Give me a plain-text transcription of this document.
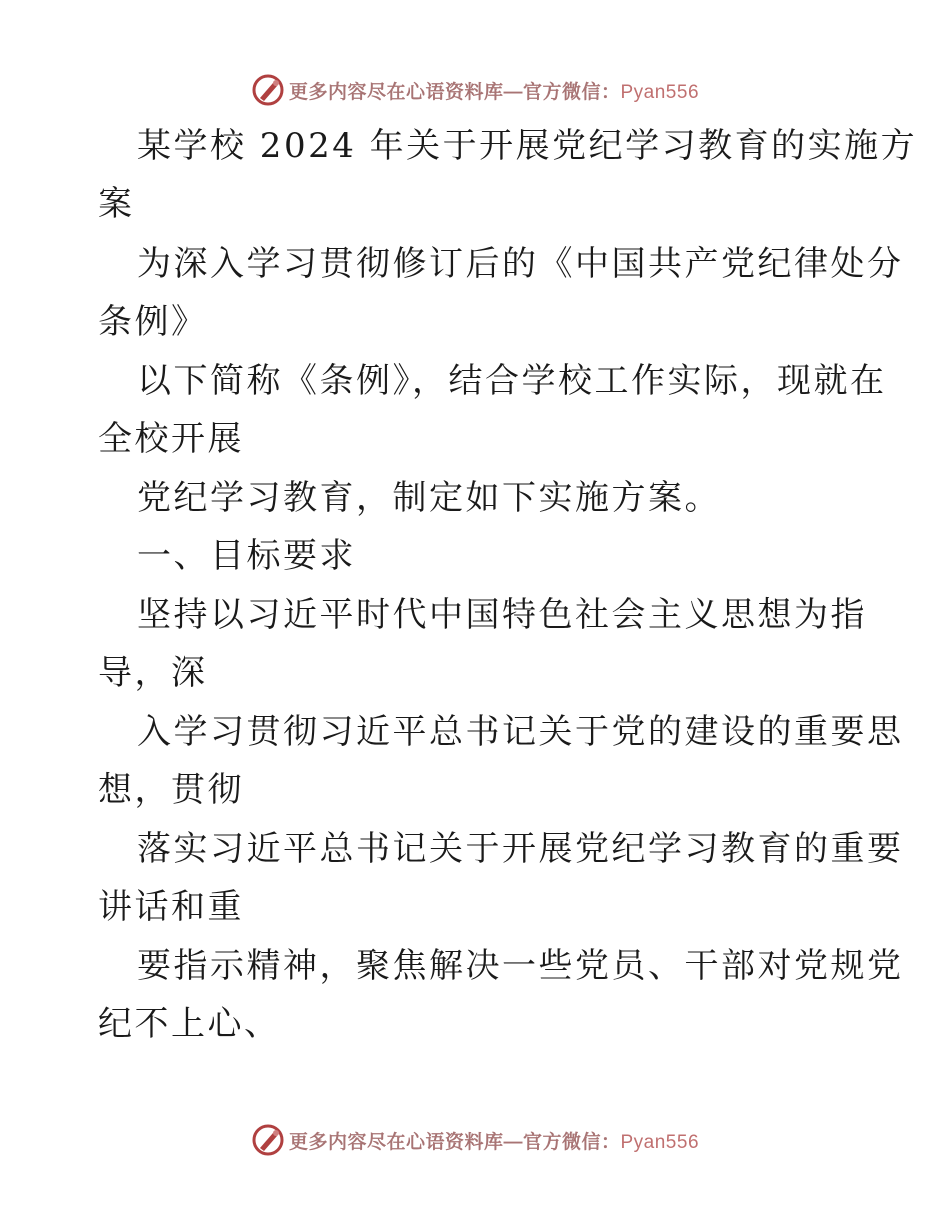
更多内容尽在心语资料库—官方微信：Pyan556
某学校 2024 年关于开展党纪学习教育的实施方
案
为深入学习贯彻修订后的《中国共产党纪律处分
条例》
以下简称《条例》，结合学校工作实际，现就在
全校开展
党纪学习教育，制定如下实施方案。
一、目标要求
坚持以习近平时代中国特色社会主义思想为指
导，深
入学习贯彻习近平总书记关于党的建设的重要思
想，贯彻
落实习近平总书记关于开展党纪学习教育的重要
讲话和重
要指示精神，聚焦解决一些党员、干部对党规党
纪不上心、
更多内容尽在心语资料库—官方微信：Pyan556
